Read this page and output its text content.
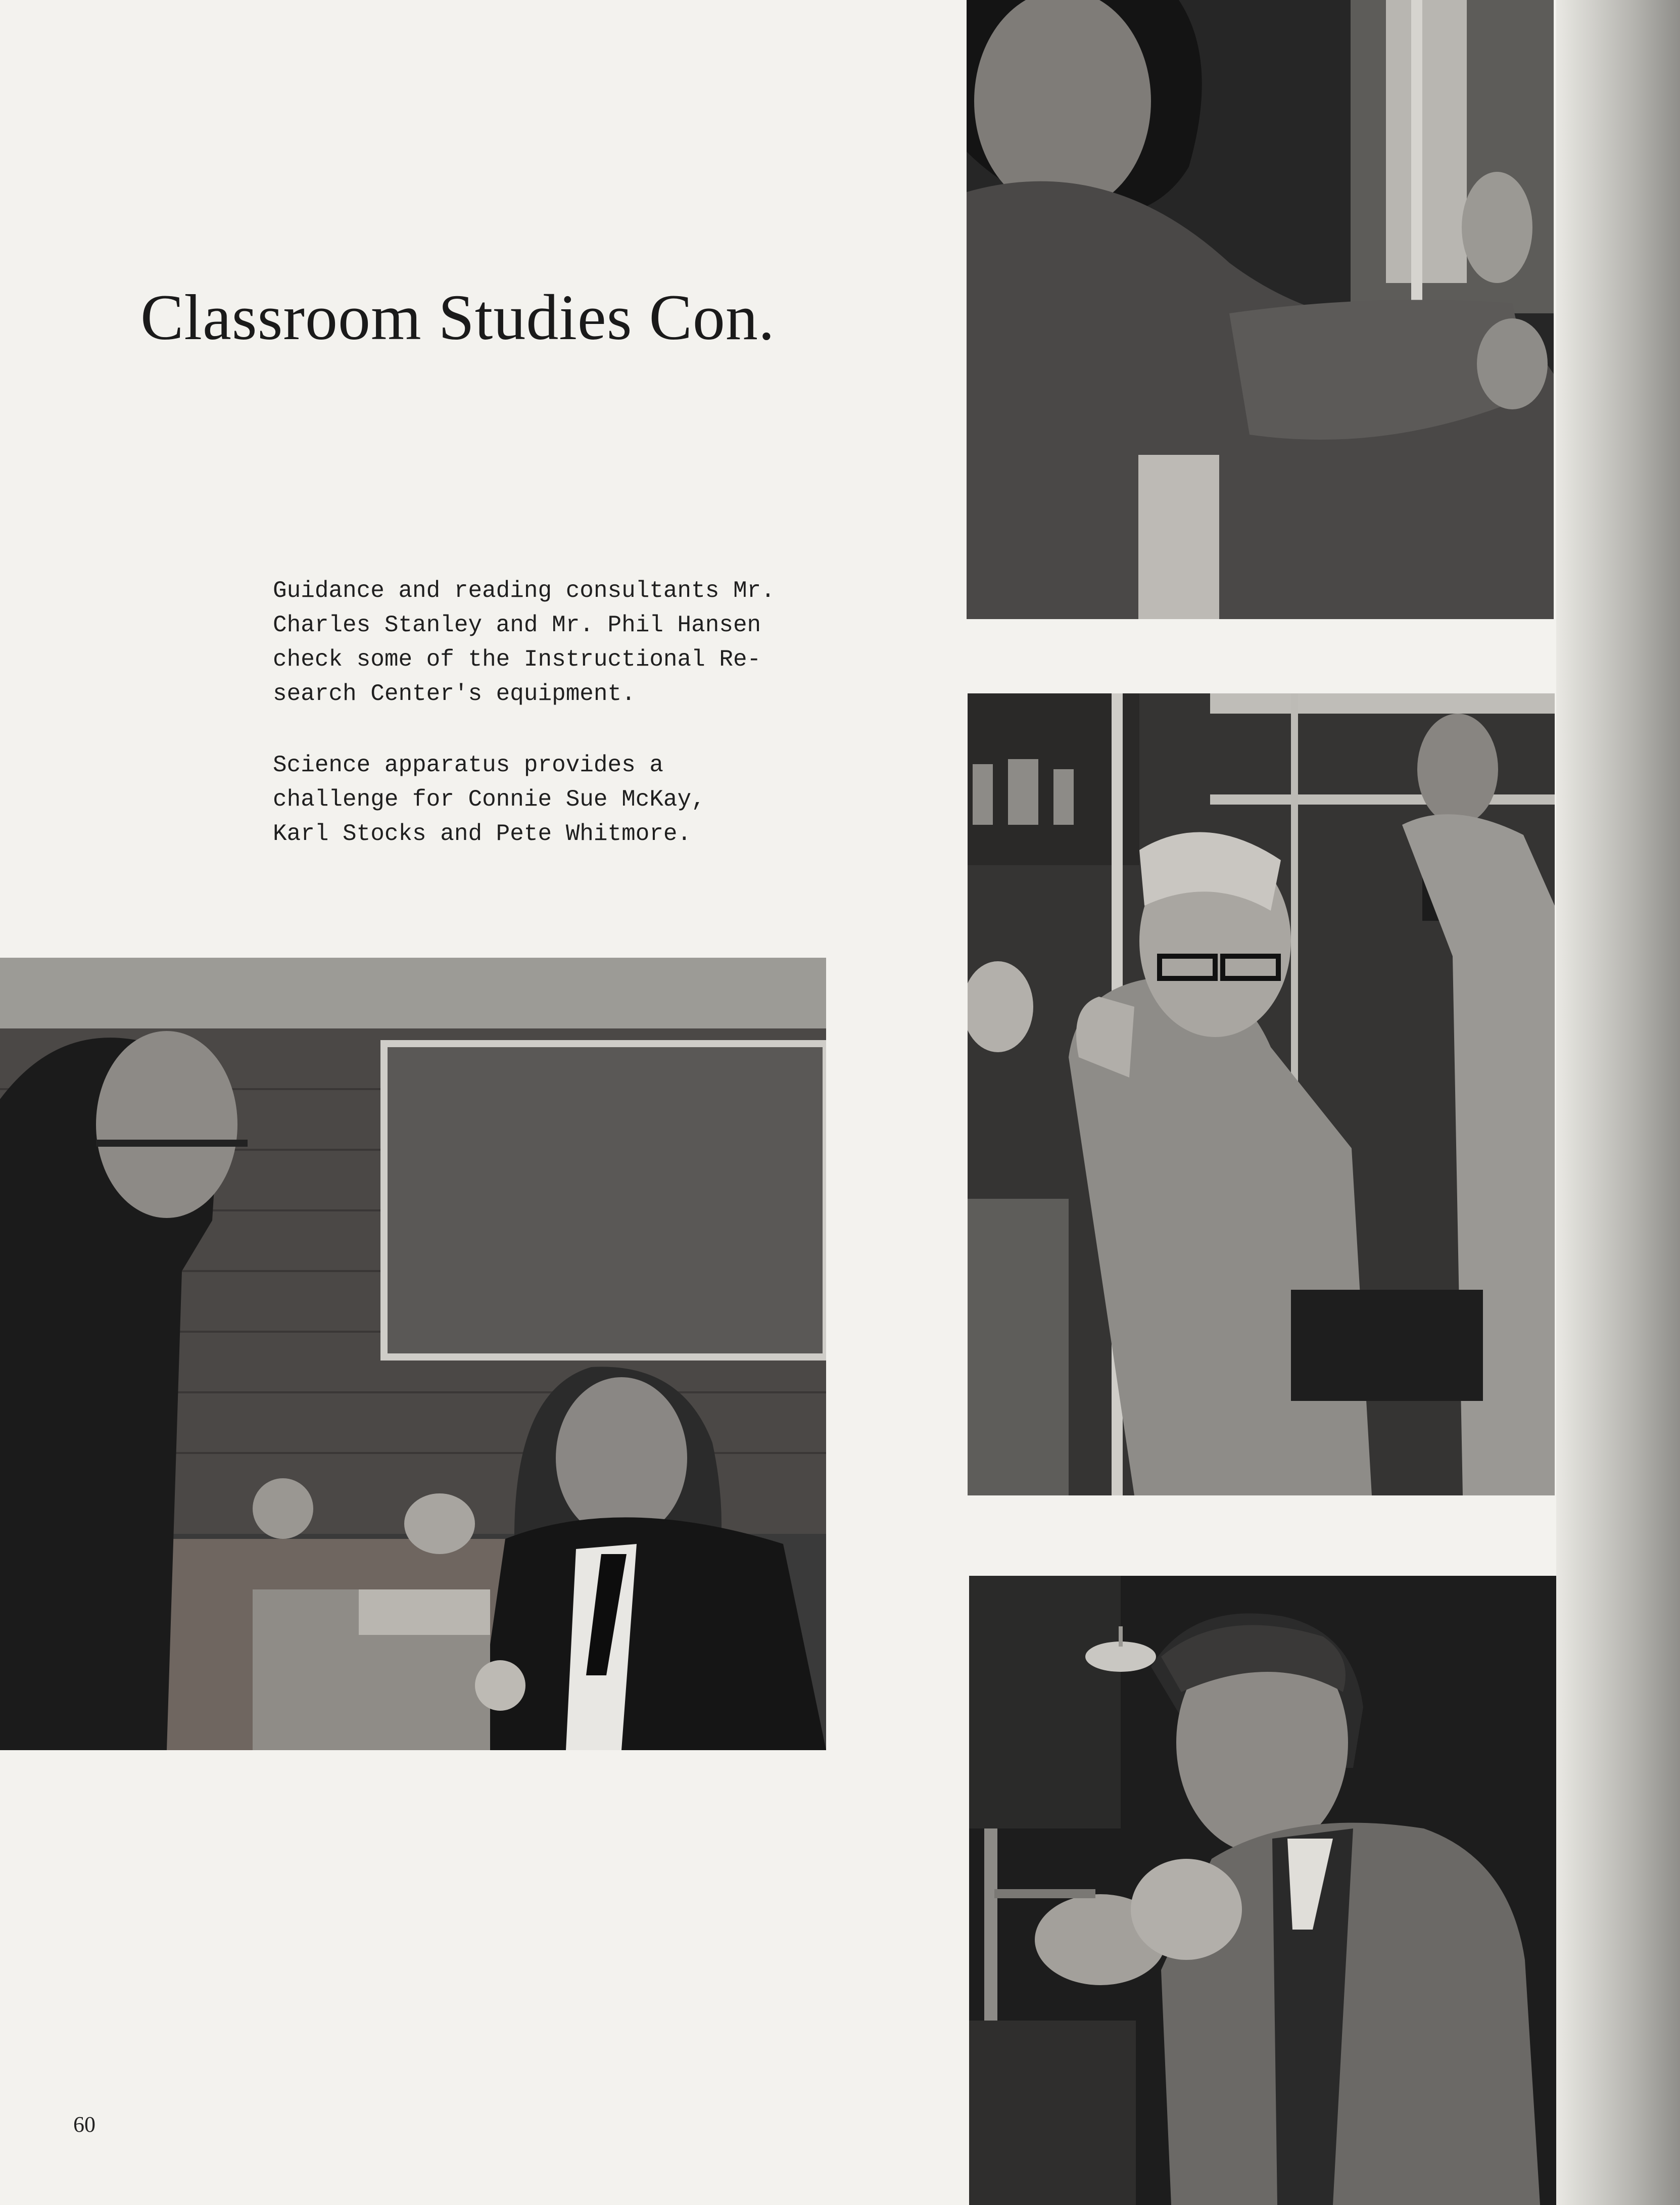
Classroom Studies Con.
Guidance and reading consultants Mr.
Charles Stanley and Mr. Phil Hansen
check some of the Instructional Re-
search Center's equipment.
Science apparatus provides a
challenge for Connie Sue McKay,
Karl Stocks and Pete Whitmore.
60
